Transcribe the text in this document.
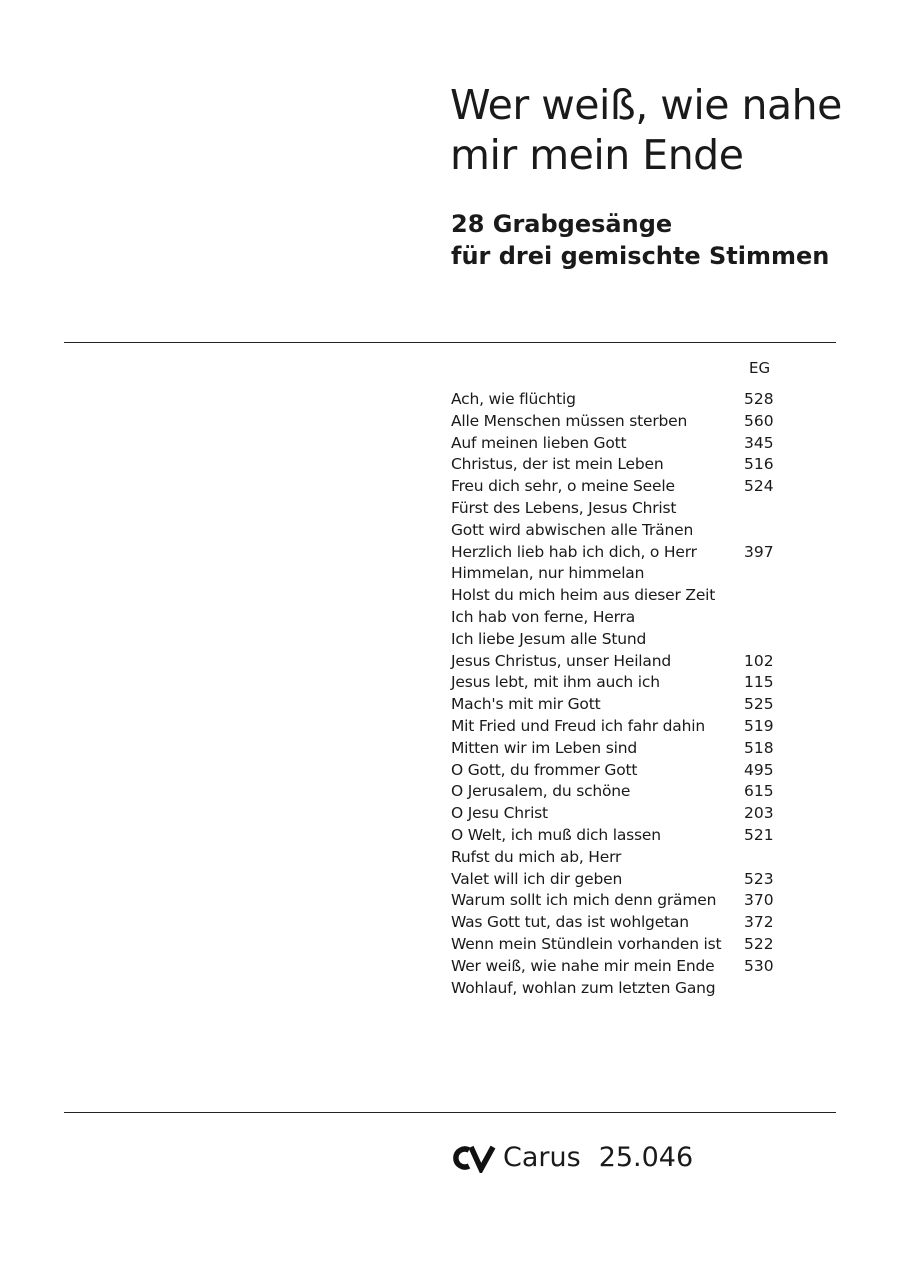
Wer weiß, wie nahe
mir mein Ende
28 Grabgesänge
für drei gemischte Stimmen
EG
Ach, wie flüchtig	528
Alle Menschen müssen sterben	560
Auf meinen lieben Gott	345
Christus, der ist mein Leben	516
Freu dich sehr, o meine Seele	524
Fürst des Lebens, Jesus Christ
Gott wird abwischen alle Tränen
Herzlich lieb hab ich dich, o Herr	397
Himmelan, nur himmelan
Holst du mich heim aus dieser Zeit
Ich hab von ferne, Herra
Ich liebe Jesum alle Stund
Jesus Christus, unser Heiland	102
Jesus lebt, mit ihm auch ich	115
Mach's mit mir Gott	525
Mit Fried und Freud ich fahr dahin	519
Mitten wir im Leben sind	518
O Gott, du frommer Gott	495
O Jerusalem, du schöne	615
O Jesu Christ	203
O Welt, ich muß dich lassen	521
Rufst du mich ab, Herr
Valet will ich dir geben	523
Warum sollt ich mich denn grämen 370
Was Gott tut, das ist wohlgetan	372
Wenn mein Stündlein vorhanden ist 522
Wer weiß, wie nahe mir mein Ende 530
Wohlauf, wohlan zum letzten Gang
Carus 25.046
